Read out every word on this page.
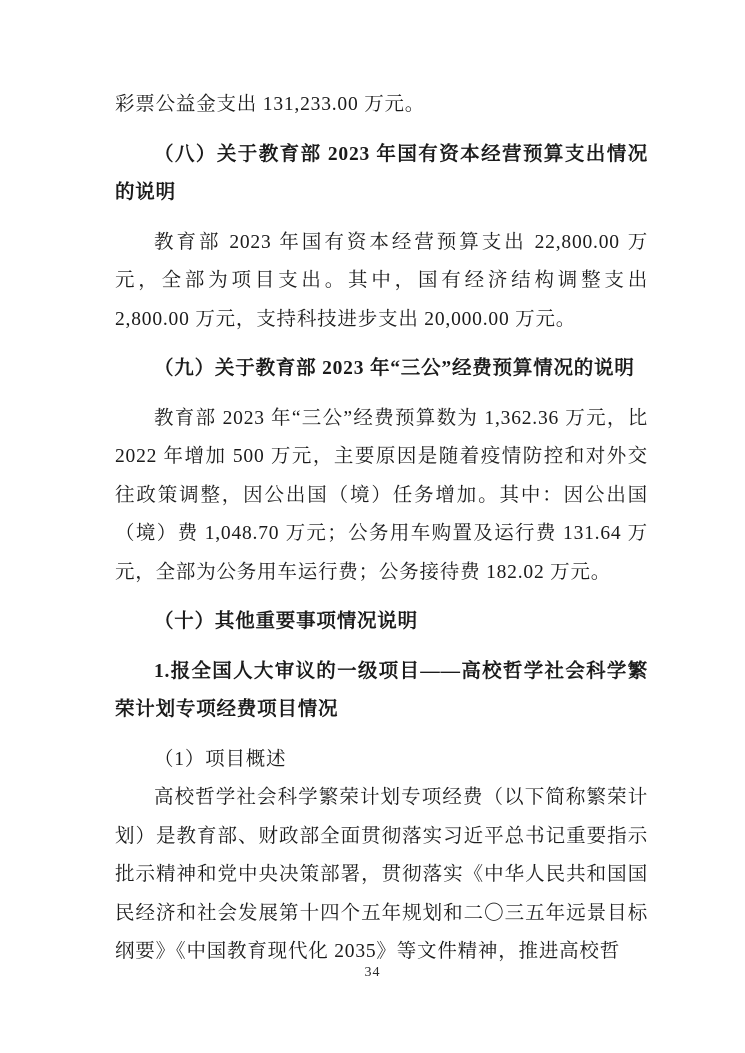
彩票公益金支出 131,233.00 万元。

（八）关于教育部 2023 年国有资本经营预算支出情况的说明

教育部 2023 年国有资本经营预算支出 22,800.00 万元，全部为项目支出。其中，国有经济结构调整支出 2,800.00 万元，支持科技进步支出 20,000.00 万元。

（九）关于教育部 2023 年“三公”经费预算情况的说明

教育部 2023 年“三公”经费预算数为 1,362.36 万元，比 2022 年增加 500 万元，主要原因是随着疫情防控和对外交往政策调整，因公出国（境）任务增加。其中：因公出国（境）费 1,048.70 万元；公务用车购置及运行费 131.64 万元，全部为公务用车运行费；公务接待费 182.02 万元。

（十）其他重要事项情况说明

1.报全国人大审议的一级项目——高校哲学社会科学繁荣计划专项经费项目情况

（1）项目概述

高校哲学社会科学繁荣计划专项经费（以下简称繁荣计划）是教育部、财政部全面贯彻落实习近平总书记重要指示批示精神和党中央决策部署，贯彻落实《中华人民共和国国民经济和社会发展第十四个五年规划和二〇三五年远景目标纲要》《中国教育现代化 2035》等文件精神，推进高校哲

34
